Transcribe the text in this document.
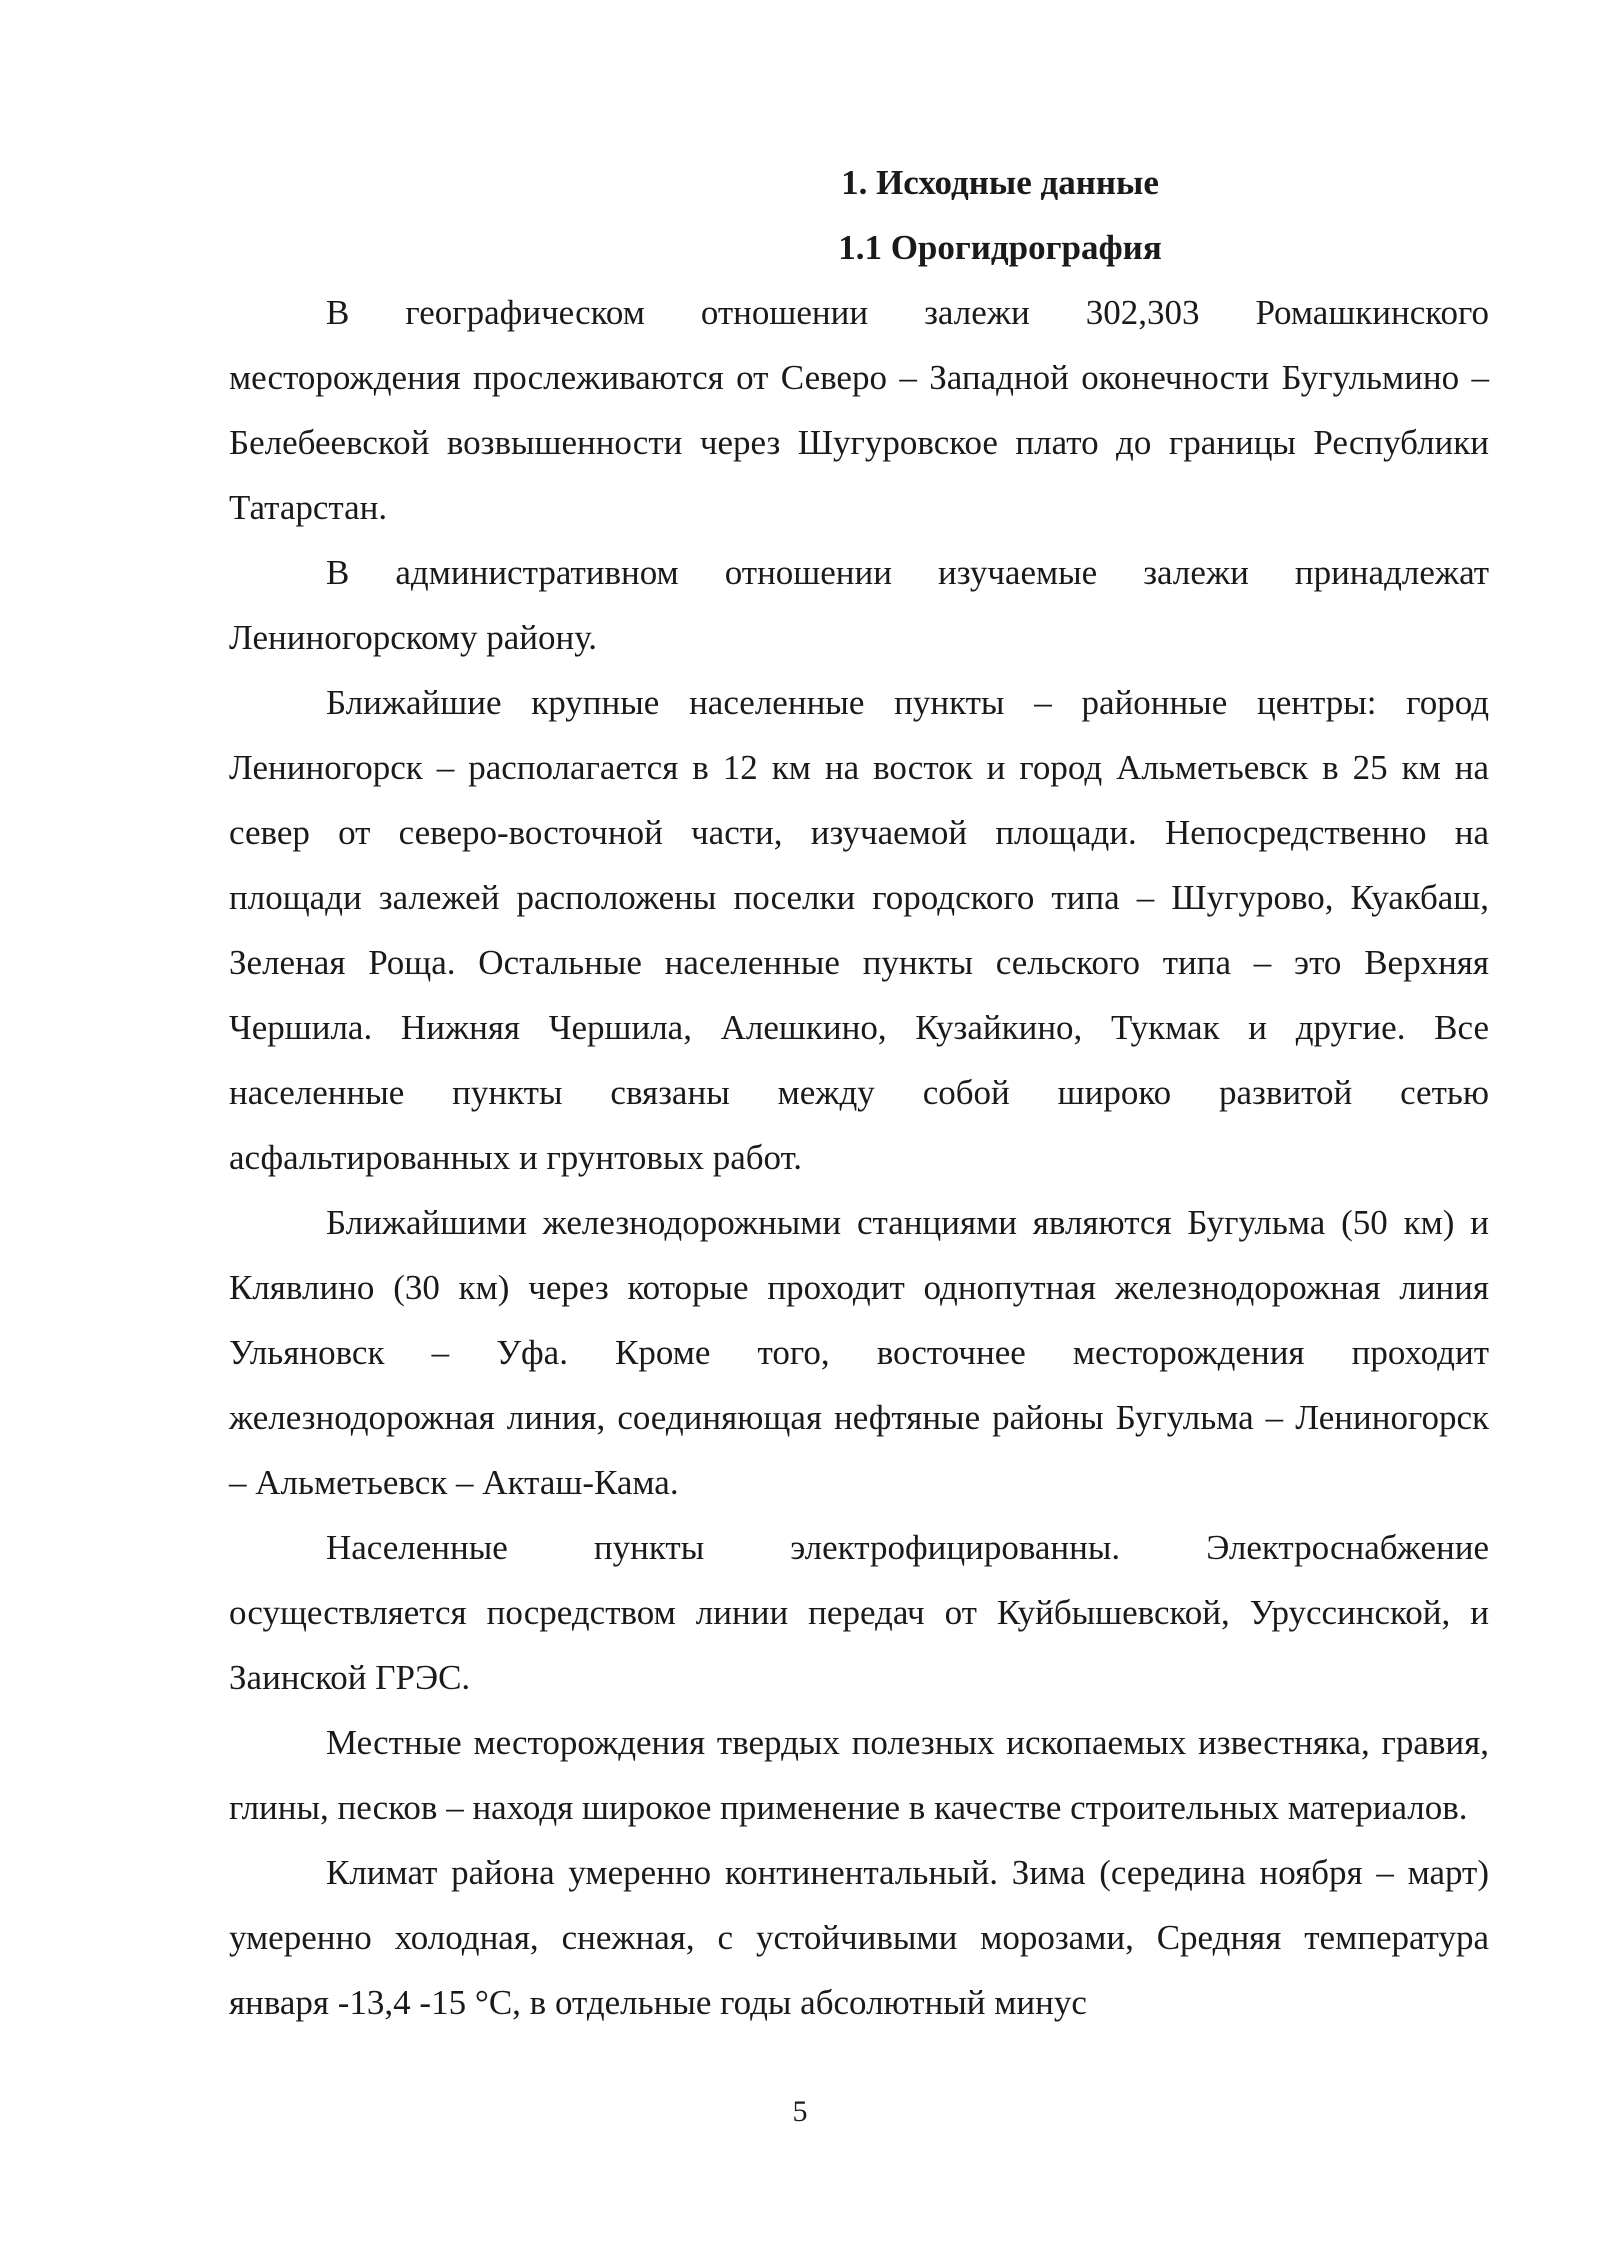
1. Исходные данные
1.1 Орогидрография

В географическом отношении залежи 302,303 Ромашкинского месторождения прослеживаются от Северо – Западной оконечности Бугульмино – Белебеевской возвышенности через Шугуровское плато до границы Республики Татарстан.

В административном отношении изучаемые залежи принадлежат Лениногорскому району.

Ближайшие крупные населенные пункты – районные центры: город Лениногорск – располагается в 12 км на восток и город Альметьевск в 25 км на север от северо-восточной части, изучаемой площади. Непосредственно на площади залежей расположены поселки городского типа – Шугурово, Куакбаш, Зеленая Роща. Остальные населенные пункты сельского типа – это Верхняя Чершила. Нижняя Чершила, Алешкино, Кузайкино, Тукмак и другие. Все населенные пункты связаны между собой широко развитой сетью асфальтированных и грунтовых работ.

Ближайшими железнодорожными станциями являются Бугульма (50 км) и Клявлино (30 км) через которые проходит однопутная железнодорожная линия Ульяновск – Уфа. Кроме того, восточнее месторождения проходит железнодорожная линия, соединяющая нефтяные районы Бугульма – Лениногорск – Альметьевск – Акташ-Кама.

Населенные пункты электрофицированны. Электроснабжение осуществляется посредством линии передач от Куйбышевской, Уруссинской, и Заинской ГРЭС.

Местные месторождения твердых полезных ископаемых известняка, гравия, глины, песков – находя широкое применение в качестве строительных материалов.

Климат района умеренно континентальный. Зима (середина ноября – март) умеренно холодная, снежная, с устойчивыми морозами, Средняя температура января -13,4 -15 °С, в отдельные годы абсолютный минус

5
